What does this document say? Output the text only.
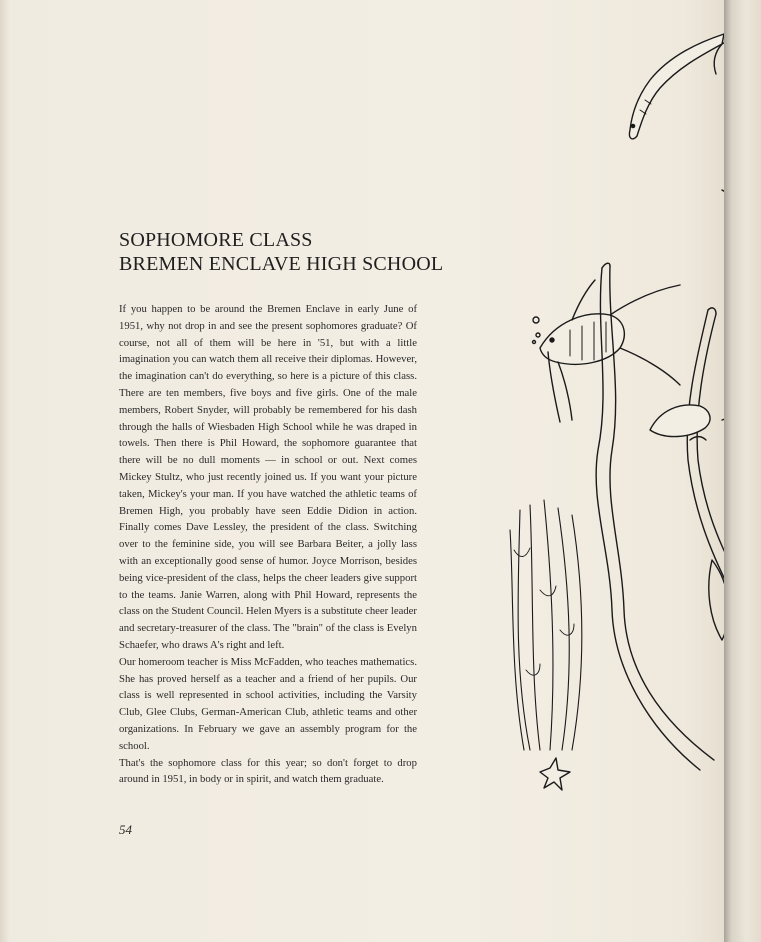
SOPHOMORE CLASS
BREMEN ENCLAVE HIGH SCHOOL

If you happen to be around the Bremen Enclave in early June of 1951, why not drop in and see the present sophomores graduate? Of course, not all of them will be here in '51, but with a little imagination you can watch them all receive their diplomas. However, the imagination can't do everything, so here is a picture of this class. There are ten members, five boys and five girls. One of the male members, Robert Snyder, will probably be remembered for his dash through the halls of Wiesbaden High School while he was draped in towels. Then there is Phil Howard, the sophomore guarantee that there will be no dull moments — in school or out. Next comes Mickey Stultz, who just recently joined us. If you want your picture taken, Mickey's your man. If you have watched the athletic teams of Bremen High, you probably have seen Eddie Didion in action. Finally comes Dave Lessley, the president of the class. Switching over to the feminine side, you will see Barbara Beiter, a jolly lass with an exceptionally good sense of humor. Joyce Morrison, besides being vice-president of the class, helps the cheer leaders give support to the teams. Janie Warren, along with Phil Howard, represents the class on the Student Council. Helen Myers is a substitute cheer leader and secretary-treasurer of the class. The "brain" of the class is Evelyn Schaefer, who draws A's right and left.

Our homeroom teacher is Miss McFadden, who teaches mathematics. She has proved herself as a teacher and a friend of her pupils. Our class is well represented in school activities, including the Varsity Club, Glee Clubs, German-American Club, athletic teams and other organizations. In February we gave an assembly program for the school.

That's the sophomore class for this year; so don't forget to drop around in 1951, in body or in spirit, and watch them graduate.

54
